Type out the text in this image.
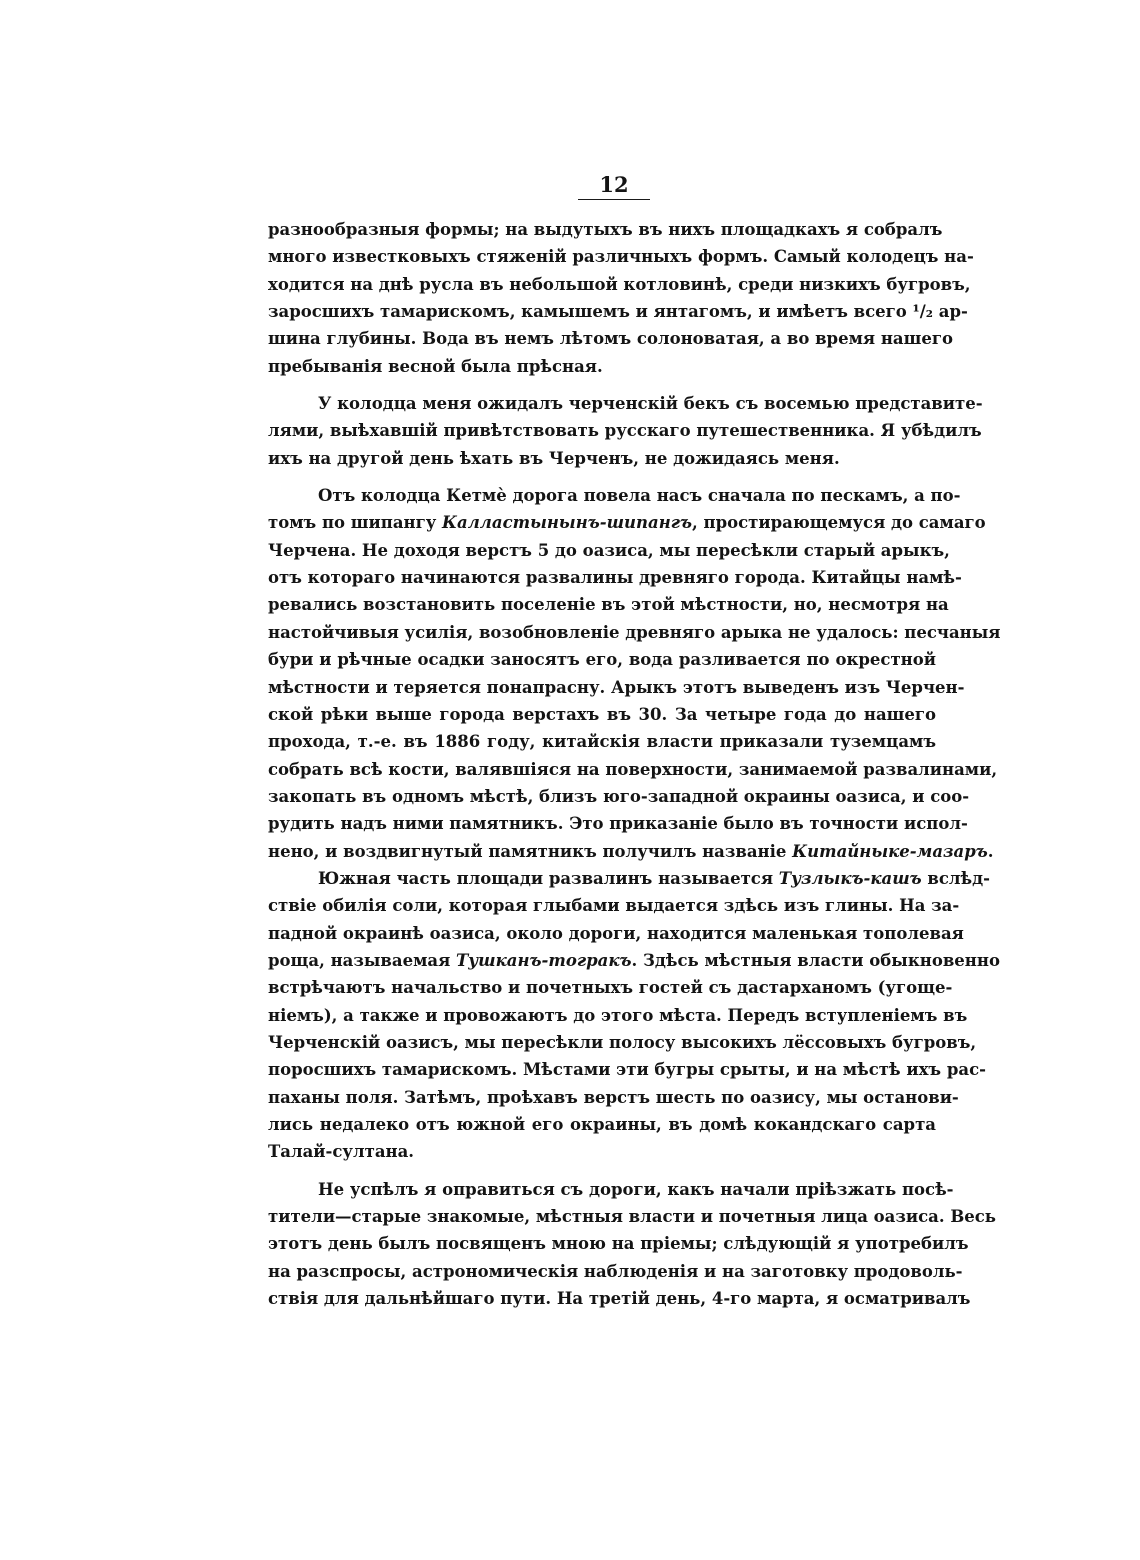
12
разнообразныя формы; на выдутыхъ въ нихъ площадкахъ я собралъ
много известковыхъ стяженій различныхъ формъ. Самый колодецъ на-
ходится на днѣ русла въ небольшой котловинѣ, среди низкихъ бугровъ,
заросшихъ тамарискомъ, камышемъ и янтагомъ, и имѣетъ всего ¹/₂ ар-
шина глубины. Вода въ немъ лѣтомъ солоноватая, а во время нашего
пребыванія весной была прѣсная.
У колодца меня ожидалъ черченскій бекъ съ восемью представите-
лями, выѣхавшій привѣтствовать русскаго путешественника. Я убѣдилъ
ихъ на другой день ѣхать въ Черченъ, не дожидаясь меня.
Отъ колодца Кетмѐ дорога повела насъ сначала по пескамъ, а по-
томъ по шипангу Калластынынъ-шипангъ, простирающемуся до самаго
Черчена. Не доходя верстъ 5 до оазиса, мы пересѣкли старый арыкъ,
отъ котораго начинаются развалины древняго города. Китайцы намѣ-
ревались возстановить поселеніе въ этой мѣстности, но, несмотря на
настойчивыя усилія, возобновленіе древняго арыка не удалось: песчаныя
бури и рѣчные осадки заносятъ его, вода разливается по окрестной
мѣстности и теряется понапрасну. Арыкъ этотъ выведенъ изъ Черчен-
ской рѣки выше города верстахъ въ 30. За четыре года до нашего
прохода, т.-е. въ 1886 году, китайскія власти приказали туземцамъ
собрать всѣ кости, валявшіяся на поверхности, занимаемой развалинами,
закопать въ одномъ мѣстѣ, близъ юго-западной окраины оазиса, и соо-
рудить надъ ними памятникъ. Это приказаніе было въ точности испол-
нено, и воздвигнутый памятникъ получилъ названіе Китайныке-мазаръ.
Южная часть площади развалинъ называется Тузлыкъ-кашъ вслѣд-
ствіе обилія соли, которая глыбами выдается здѣсь изъ глины. На за-
падной окраинѣ оазиса, около дороги, находится маленькая тополевая
роща, называемая Тушканъ-тогракъ. Здѣсь мѣстныя власти обыкновенно
встрѣчаютъ начальство и почетныхъ гостей съ дастарханомъ (угоще-
ніемъ), а также и провожаютъ до этого мѣста. Передъ вступленіемъ въ
Черченскій оазисъ, мы пересѣкли полосу высокихъ лёссовыхъ бугровъ,
поросшихъ тамарискомъ. Мѣстами эти бугры срыты, и на мѣстѣ ихъ рас-
паханы поля. Затѣмъ, проѣхавъ верстъ шесть по оазису, мы останови-
лись недалеко отъ южной его окраины, въ домѣ кокандскаго сарта
Талай-султана.
Не успѣлъ я оправиться съ дороги, какъ начали пріѣзжать посѣ-
тители—старые знакомые, мѣстныя власти и почетныя лица оазиса. Весь
этотъ день былъ посвященъ мною на пріемы; слѣдующій я употребилъ
на разспросы, астрономическія наблюденія и на заготовку продоволь-
ствія для дальнѣйшаго пути. На третій день, 4-го марта, я осматривалъ
